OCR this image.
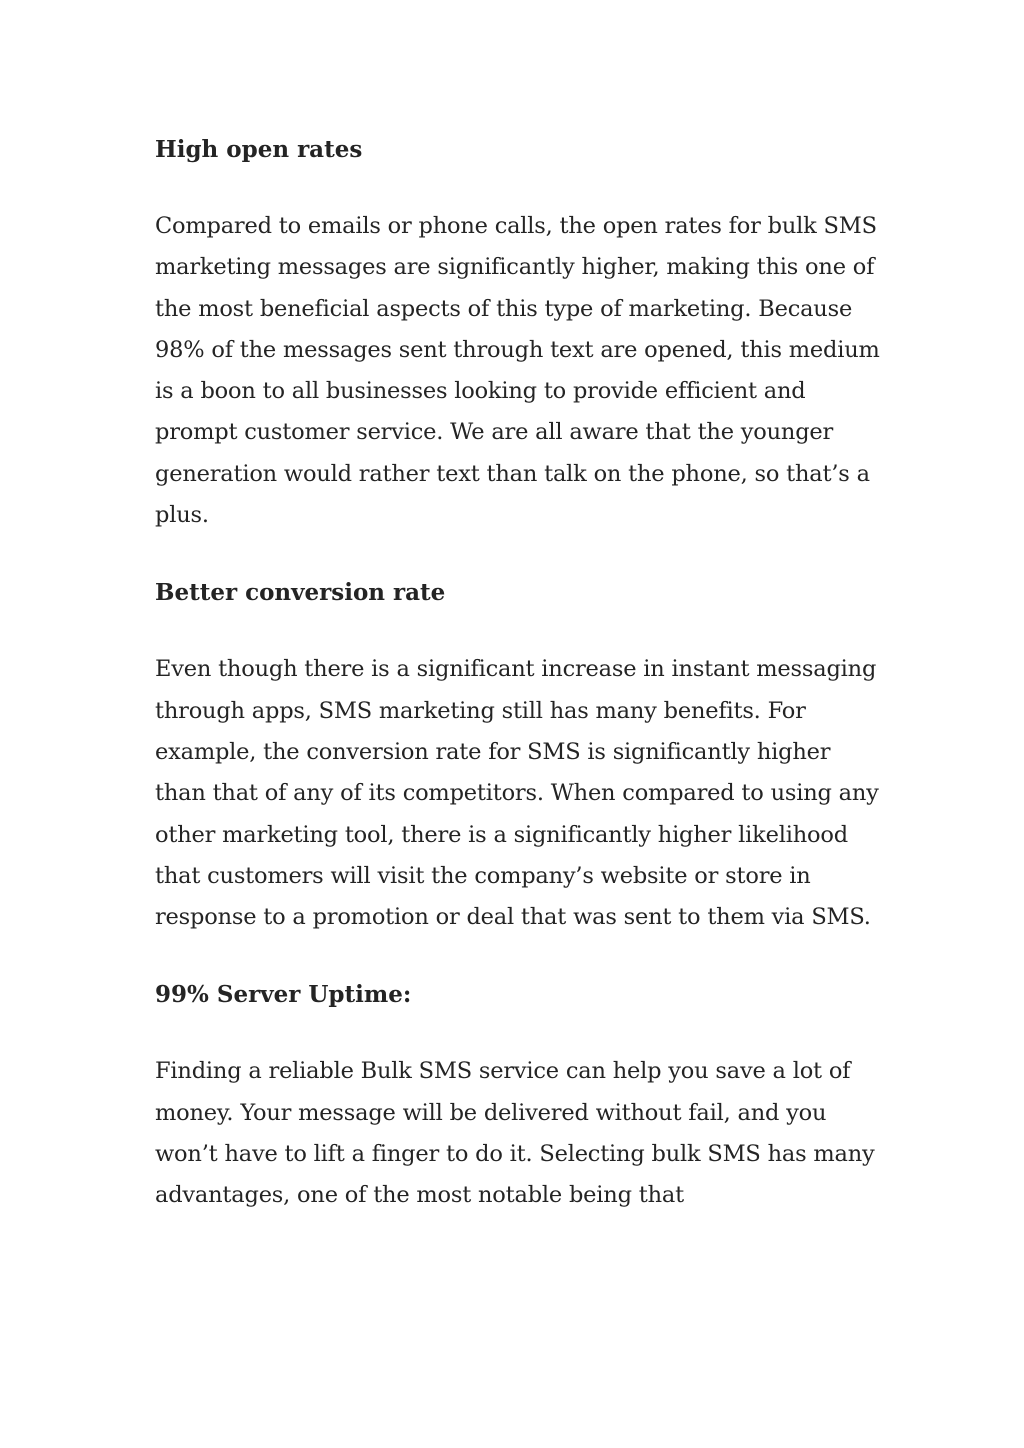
High open rates

Compared to emails or phone calls, the open rates for bulk SMS marketing messages are significantly higher, making this one of the most beneficial aspects of this type of marketing. Because 98% of the messages sent through text are opened, this medium is a boon to all businesses looking to provide efficient and prompt customer service. We are all aware that the younger generation would rather text than talk on the phone, so that’s a plus.

Better conversion rate

Even though there is a significant increase in instant messaging through apps, SMS marketing still has many benefits. For example, the conversion rate for SMS is significantly higher than that of any of its competitors. When compared to using any other marketing tool, there is a significantly higher likelihood that customers will visit the company’s website or store in response to a promotion or deal that was sent to them via SMS.

99% Server Uptime:

Finding a reliable Bulk SMS service can help you save a lot of money. Your message will be delivered without fail, and you won’t have to lift a finger to do it. Selecting bulk SMS has many advantages, one of the most notable being that
